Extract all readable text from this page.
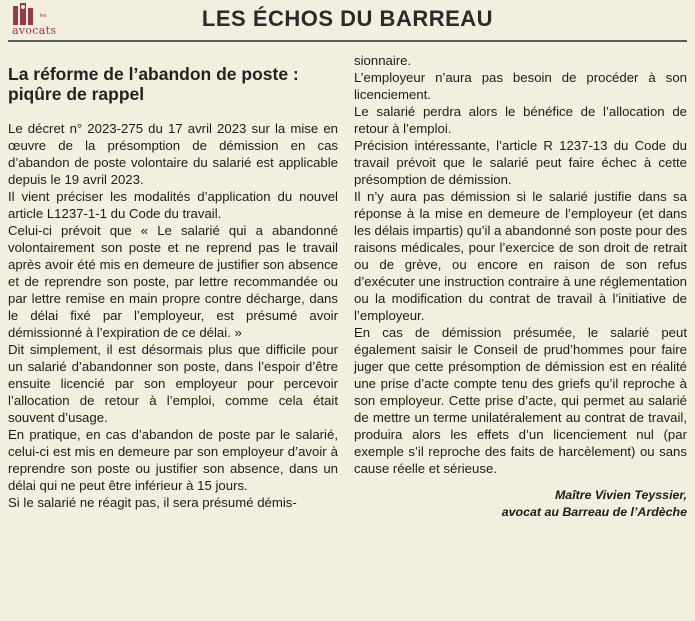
les
avocats	LES ÉCHOS DU BARREAU
La réforme de l’abandon de poste :
piqûre de rappel

Le décret n° 2023-275 du 17 avril 2023 sur la mise en œuvre de la présomption de démission en cas d’abandon de poste volontaire du salarié est applicable depuis le 19 avril 2023.

Il vient préciser les modalités d’application du nouvel article L1237-1-1 du Code du travail.

Celui-ci prévoit que « Le salarié qui a abandonné volontairement son poste et ne reprend pas le travail après avoir été mis en demeure de justifier son absence et de reprendre son poste, par lettre recommandée ou par lettre remise en main propre contre décharge, dans le délai fixé par l’employeur, est présumé avoir démissionné à l’expiration de ce délai. »

Dit simplement, il est désormais plus que difficile pour un salarié d’abandonner son poste, dans l’espoir d’être ensuite licencié par son employeur pour percevoir l’allocation de retour à l’emploi, comme cela était souvent d’usage.

En pratique, en cas d’abandon de poste par le salarié, celui-ci est mis en demeure par son employeur d’avoir à reprendre son poste ou justifier son absence, dans un délai qui ne peut être inférieur à 15 jours.

Si le salarié ne réagit pas, il sera présumé démis-

sionnaire.

L’employeur n’aura pas besoin de procéder à son licenciement.

Le salarié perdra alors le bénéfice de l’allocation de retour à l’emploi.

Précision intéressante, l’article R 1237-13 du Code du travail prévoit que le salarié peut faire échec à cette présomption de démission.

Il n’y aura pas démission si le salarié justifie dans sa réponse à la mise en demeure de l’employeur (et dans les délais impartis) qu’il a abandonné son poste pour des raisons médicales, pour l’exercice de son droit de retrait ou de grève, ou encore en raison de son refus d’exécuter une instruction contraire à une réglementation ou la modification du contrat de travail à l’initiative de l’employeur.

En cas de démission présumée, le salarié peut également saisir le Conseil de prud’hommes pour faire juger que cette présomption de démission est en réalité une prise d’acte compte tenu des griefs qu’il reproche à son employeur. Cette prise d’acte, qui permet au salarié de mettre un terme unilatéralement au contrat de travail, produira alors les effets d’un licenciement nul (par exemple s’il reproche des faits de harcèlement) ou sans cause réelle et sérieuse.

Maître Vivien Teyssier,
avocat au Barreau de l’Ardèche
